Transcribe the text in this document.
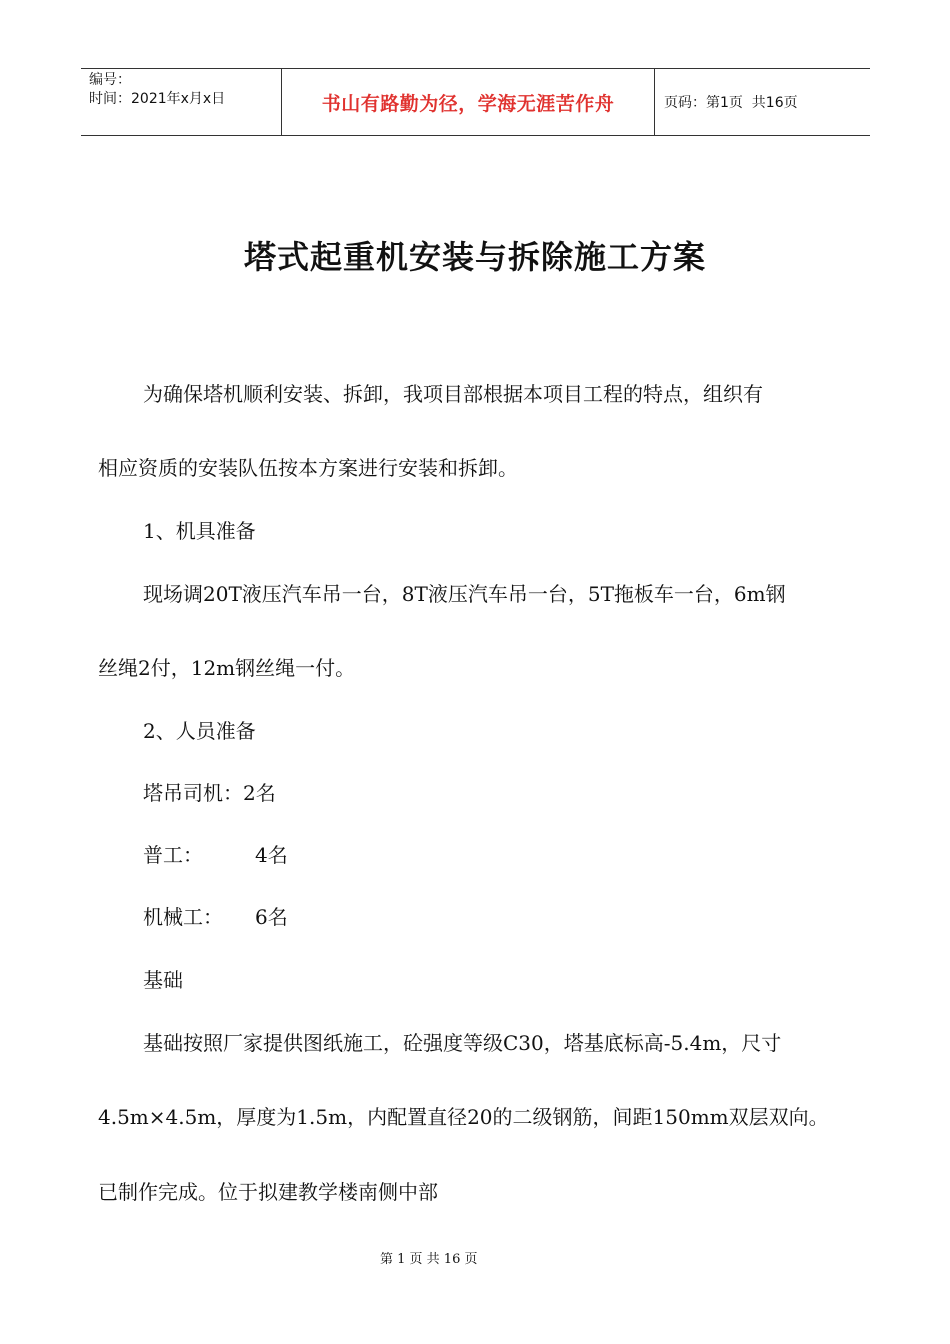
编号：
时间：2021年x月x日	书山有路勤为径，学海无涯苦作舟	页码：第1页  共16页
塔式起重机安装与拆除施工方案

为确保塔机顺利安装、拆卸，我项目部根据本项目工程的特点，组织有

相应资质的安装队伍按本方案进行安装和拆卸。

1、机具准备

现场调20T液压汽车吊一台，8T液压汽车吊一台，5T拖板车一台，6m钢

丝绳2付，12m钢丝绳一付。

2、人员准备

塔吊司机：2名

普工：	4名

机械工： 6名

基础

基础按照厂家提供图纸施工，砼强度等级C30，塔基底标高-5.4m，尺寸

4.5m×4.5m，厚度为1.5m，内配置直径20的二级钢筋，间距150mm双层双向。

已制作完成。位于拟建教学楼南侧中部

第 1 页 共 16 页
